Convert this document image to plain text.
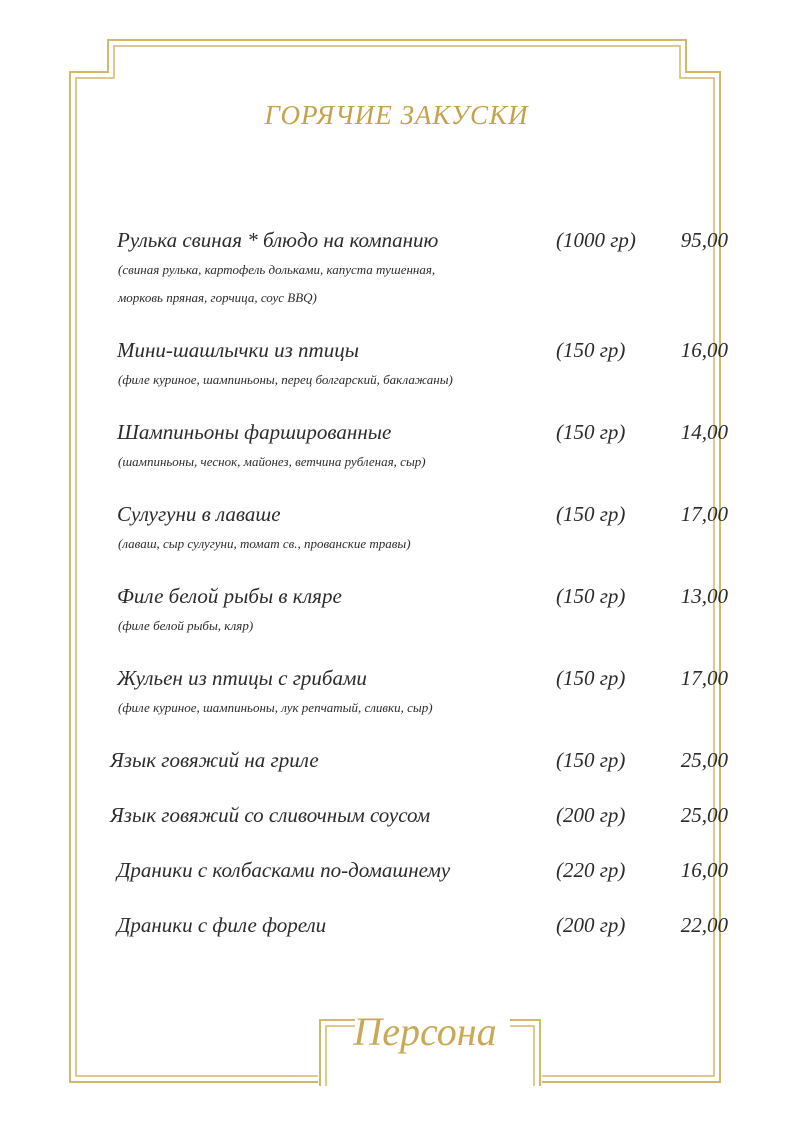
ГОРЯЧИЕ ЗАКУСКИ
Рулька свиная * блюдо на компанию	(1000 гр) 95,00
(свиная рулька, картофель дольками, капуста тушенная,
морковь пряная, горчица, соус BBQ)
Мини-шашлычки из птицы	(150 гр)	16,00
(филе куриное, шампиньоны, перец болгарский, баклажаны)
Шампиньоны фаршированные	(150 гр)	14,00
(шампиньоны, чеснок, майонез, ветчина рубленая, сыр)
Сулугуни в лаваше	(150 гр)	17,00
(лаваш, сыр сулугуни, томат св., прованские травы)
Филе белой рыбы в кляре	(150 гр)	13,00
(филе белой рыбы, кляр)
Жульен из птицы с грибами	(150 гр)	17,00
(филе куриное, шампиньоны, лук репчатый, сливки, сыр)
Язык говяжий на гриле	(150 гр)	25,00
Язык говяжий со сливочным соусом	(200 гр)	25,00
Драники с колбасками по-домашнему	(220 гр)	16,00
Драники с филе форели	(200 гр)	22,00
Персона
